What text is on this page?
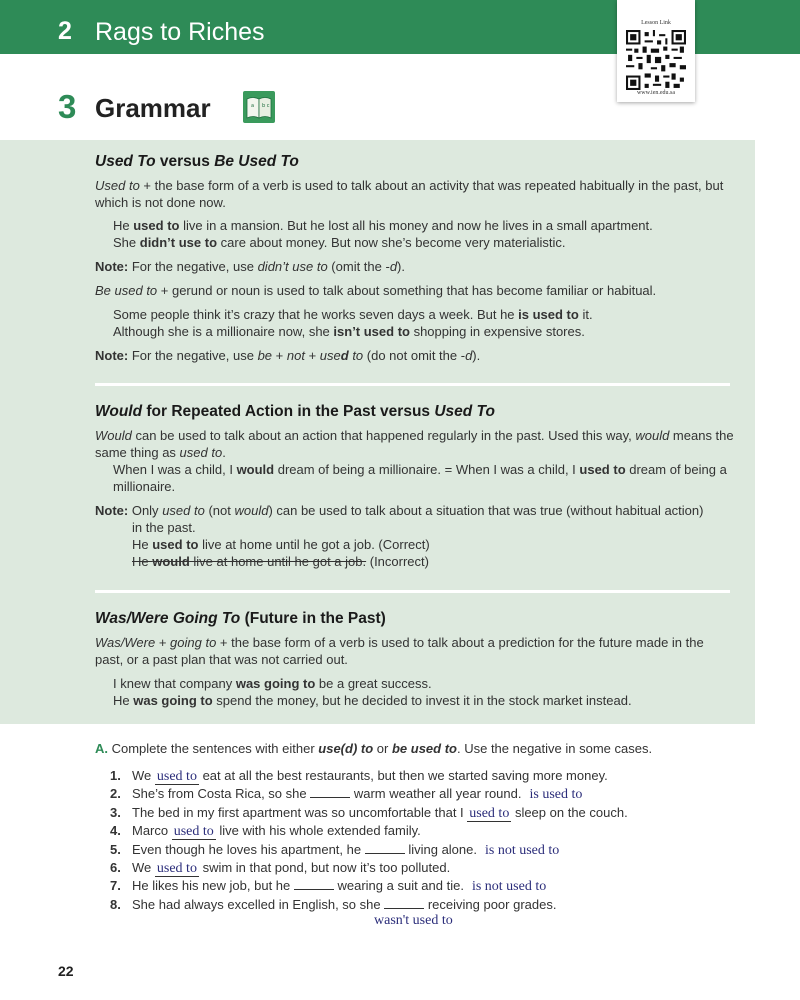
2 Rags to Riches	Lesson Link
www.ien.edu.sa
3 Grammar	a b c

Used To versus Be Used To

Used to + the base form of a verb is used to talk about an activity that was repeated habitually in the past, but which is not done now.

He used to live in a mansion. But he lost all his money and now he lives in a small apartment.

She didn’t use to care about money. But now she’s become very materialistic.

Note: For the negative, use didn’t use to (omit the -d).

Be used to + gerund or noun is used to talk about something that has become familiar or habitual.

Some people think it’s crazy that he works seven days a week. But he is used to it.

Although she is a millionaire now, she isn’t used to shopping in expensive stores.

Note: For the negative, use be + not + used to (do not omit the -d).

Would for Repeated Action in the Past versus Used To

Would can be used to talk about an action that happened regularly in the past. Used this way, would means the same thing as used to.

When I was a child, I would dream of being a millionaire. = When I was a child, I used to dream of being a millionaire.

Note: Only used to (not would) can be used to talk about a situation that was true (without habitual action)

in the past.

He used to live at home until he got a job. (Correct)

He would live at home until he got a job. (Incorrect)

Was/Were Going To (Future in the Past)

Was/Were + going to + the base form of a verb is used to talk about a prediction for the future made in the past, or a past plan that was not carried out.

I knew that company was going to be a great success.

He was going to spend the money, but he decided to invest it in the stock market instead.

A. Complete the sentences with either use(d) to or be used to. Use the negative in some cases.
1. We used to eat at all the best restaurants, but then we started saving more money.
2. She’s from Costa Rica, so she	warm weather all year round. is used to
3. The bed in my first apartment was so uncomfortable that I used to sleep on the couch.
4. Marco used to live with his whole extended family.
5. Even though he loves his apartment, he	living alone. is not used to
6. We used to swim in that pond, but now it’s too polluted.
7. He likes his new job, but he	wearing a suit and tie. is not used to
8. She had always excelled in English, so she	receiving poor grades.
wasn't used to
22
